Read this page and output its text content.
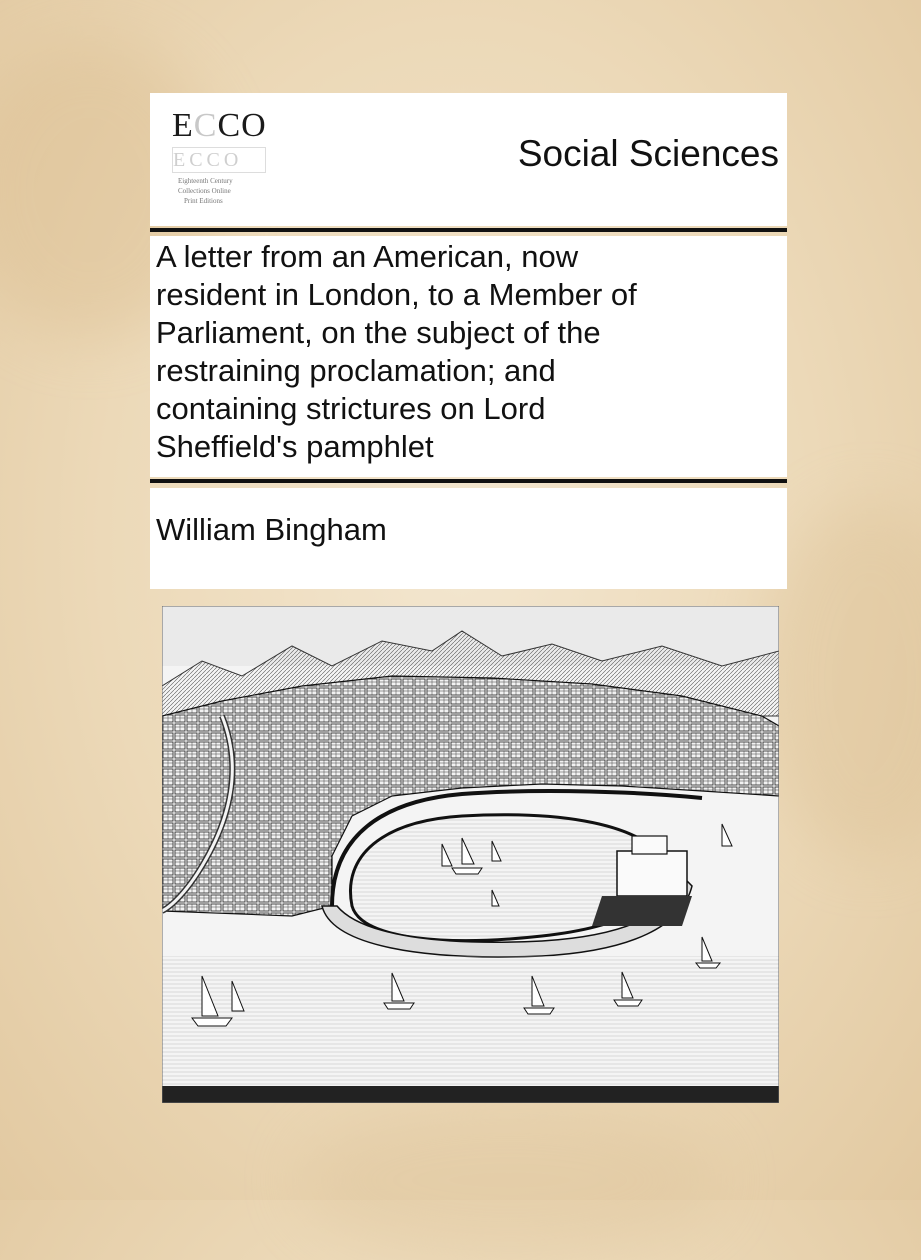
ECCO
ECCO
Eighteenth Century
Collections Online
Print Editions
Social Sciences
A letter from an American, now
resident in London, to a Member of
Parliament, on the subject of the
restraining proclamation; and
containing strictures on Lord
Sheffield's pamphlet
William Bingham
